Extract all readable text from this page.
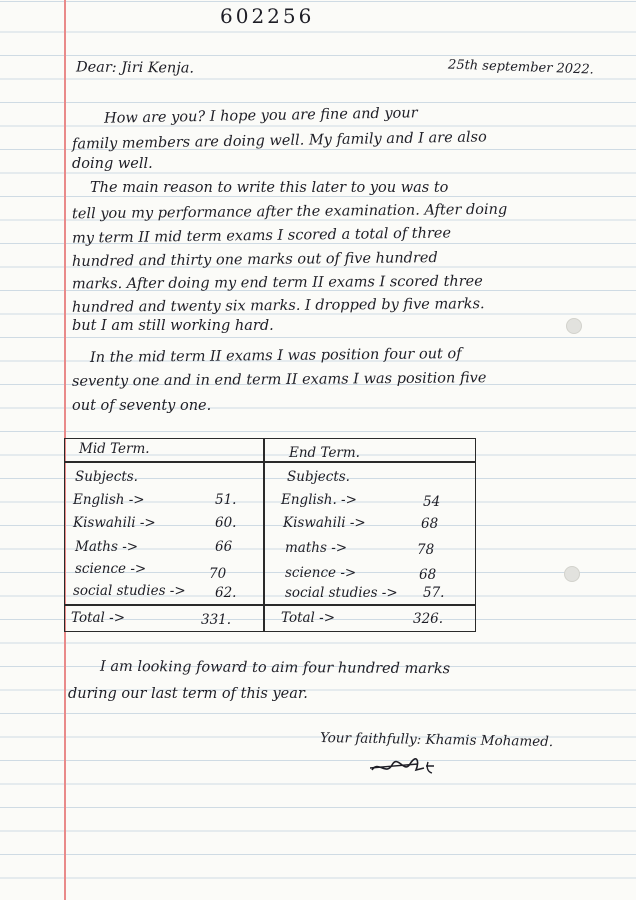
602256
Dear: Jiri Kenja.	25th september 2022.
How are you? I hope you are fine and your
family members are doing well. My family and I are also
doing well.
The main reason to write this later to you was to
tell you my performance after the examination. After doing
my term II mid term exams I scored a total of three
hundred and thirty one marks out of five hundred
marks. After doing my end term II exams I scored three
hundred and twenty six marks. I dropped by five marks.
but I am still working hard.
In the mid term II exams I was position four out of
seventy one and in end term II exams I was position five
out of seventy one.
Mid Term.
Subjects.
English ->	51.
Kiswahili ->	60.
Maths ->	66
science ->	70
social studies -> 62.
Total ->	331.
End Term.
Subjects.
English. ->	54
Kiswahili ->	68
maths ->	78
science ->	68
social studies -> 57.
Total ->	326.
I am looking foward to aim four hundred marks
during our last term of this year.
Your faithfully: Khamis Mohamed.
